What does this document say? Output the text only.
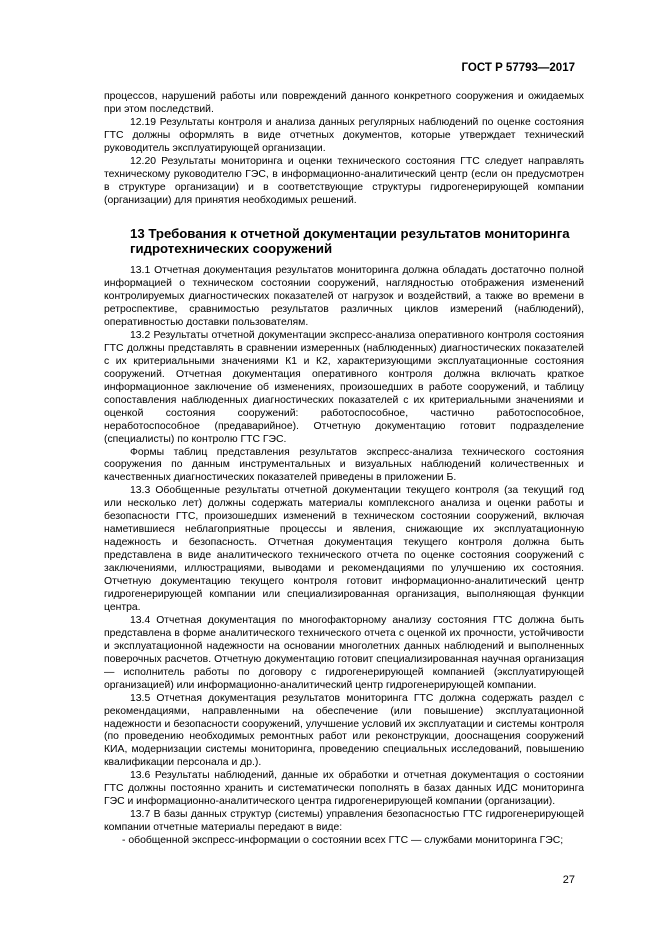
ГОСТ Р 57793—2017

процессов, нарушений работы или повреждений данного конкретного сооружения и ожидаемых при этом последствий.

12.19 Результаты контроля и анализа данных регулярных наблюдений по оценке состояния ГТС должны оформлять в виде отчетных документов, которые утверждает технический руководитель эксплуатирующей организации.

12.20 Результаты мониторинга и оценки технического состояния ГТС следует направлять техническому руководителю ГЭС, в информационно-аналитический центр (если он предусмотрен в структуре организации) и в соответствующие структуры гидрогенерирующей компании (организации) для принятия необходимых решений.

13 Требования к отчетной документации результатов мониторинга гидротехнических сооружений

13.1 Отчетная документация результатов мониторинга должна обладать достаточно полной информацией о техническом состоянии сооружений, наглядностью отображения изменений контролируемых диагностических показателей от нагрузок и воздействий, а также во времени в ретроспективе, сравнимостью результатов различных циклов измерений (наблюдений), оперативностью доставки пользователям.

13.2 Результаты отчетной документации экспресс-анализа оперативного контроля состояния ГТС должны представлять в сравнении измеренных (наблюденных) диагностических показателей с их критериальными значениями К1 и К2, характеризующими эксплуатационные состояния сооружений. Отчетная документация оперативного контроля должна включать краткое информационное заключение об изменениях, произошедших в работе сооружений, и таблицу сопоставления наблюденных диагностических показателей с их критериальными значениями и оценкой состояния сооружений: работоспособное, частично работоспособное, неработоспособное (предаварийное). Отчетную документацию готовит подразделение (специалисты) по контролю ГТС ГЭС.

Формы таблиц представления результатов экспресс-анализа технического состояния сооружения по данным инструментальных и визуальных наблюдений количественных и качественных диагностических показателей приведены в приложении Б.

13.3 Обобщенные результаты отчетной документации текущего контроля (за текущий год или несколько лет) должны содержать материалы комплексного анализа и оценки работы и безопасности ГТС, произошедших изменений в техническом состоянии сооружений, включая наметившиеся неблагоприятные процессы и явления, снижающие их эксплуатационную надежность и безопасность. Отчетная документация текущего контроля должна быть представлена в виде аналитического технического отчета по оценке состояния сооружений с заключениями, иллюстрациями, выводами и рекомендациями по улучшению их состояния. Отчетную документацию текущего контроля готовит информационно-аналитический центр гидрогенерирующей компании или специализированная организация, выполняющая функции центра.

13.4 Отчетная документация по многофакторному анализу состояния ГТС должна быть представлена в форме аналитического технического отчета с оценкой их прочности, устойчивости и эксплуатационной надежности на основании многолетних данных наблюдений и выполненных поверочных расчетов. Отчетную документацию готовит специализированная научная организация — исполнитель работы по договору с гидрогенерирующей компанией (эксплуатирующей организацией) или информационно-аналитический центр гидрогенерирующей компании.

13.5 Отчетная документация результатов мониторинга ГТС должна содержать раздел с рекомендациями, направленными на обеспечение (или повышение) эксплуатационной надежности и безопасности сооружений, улучшение условий их эксплуатации и системы контроля (по проведению необходимых ремонтных работ или реконструкции, дооснащения сооружений КИА, модернизации системы мониторинга, проведению специальных исследований, повышению квалификации персонала и др.).

13.6 Результаты наблюдений, данные их обработки и отчетная документация о состоянии ГТС должны постоянно хранить и систематически пополнять в базах данных ИДС мониторинга ГЭС и информационно-аналитического центра гидрогенерирующей компании (организации).

13.7 В базы данных структур (системы) управления безопасностью ГТС гидрогенерирующей компании отчетные материалы передают в виде:

- обобщенной экспресс-информации о состоянии всех ГТС — службами мониторинга ГЭС;

27
